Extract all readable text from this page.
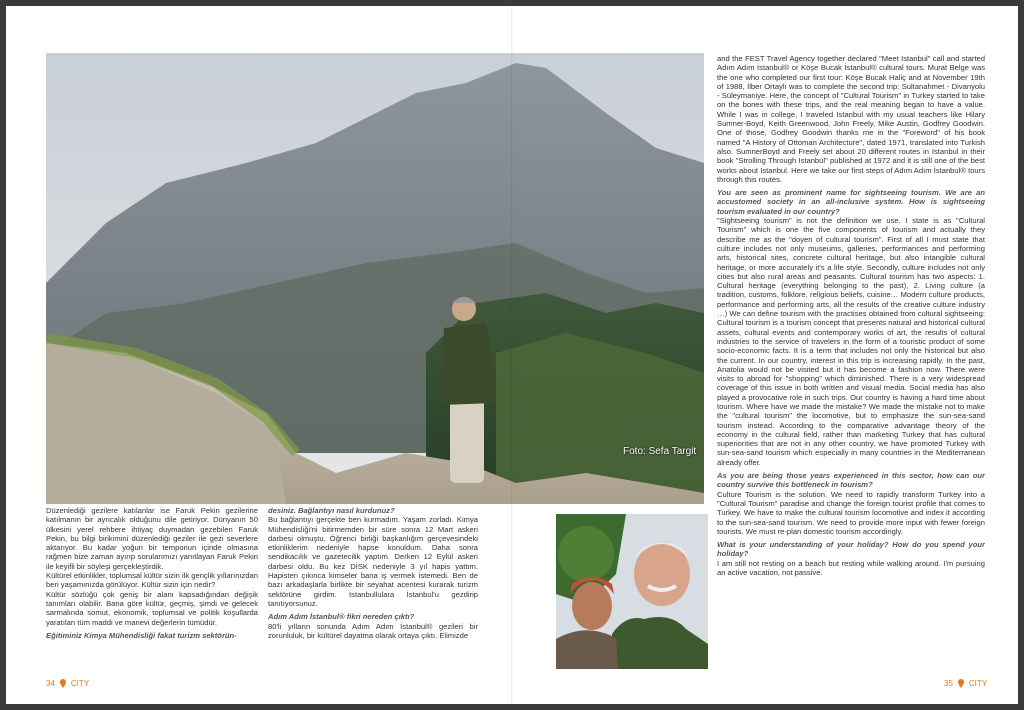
Foto: Sefa Targit

Düzenlediği gezilere katılanlar ise Faruk Pekin gezilerine katılmanın bir ayrıcalık olduğunu dile getiriyor. Dünyanın 50 ülkesini yerel rehbere ihtiyaç duymadan gezebilen Faruk Pekin, bu bilgi birikimini düzenlediği geziler ile gezi severlere aktarıyor. Bu kadar yoğun bir temponun içinde olmasına rağmen bize zaman ayırıp sorularımızı yanıtlayan Faruk Pekin ile keyifli bir söyleşi gerçekleştirdik.

Kültürel etkinlikler, toplumsal kültür sizin ilk gençlik yıllarınızdan beri yaşamınızda görülüyor. Kültür sizin için nedir?

Kültür sözlüğü çok geniş bir alanı kapsadığından değişik tanımları olabilir. Bana göre kültür, geçmiş, şimdi ve gelecek sarmalında somut, ekonomik, toplumsal ve politik koşullarda yaratılan tüm maddi ve manevi değerlerin tümüdür.

Eğitiminiz Kimya Mühendisliği fakat turizm sektörün-

desiniz. Bağlantıyı nasıl kurdunuz?

Bu bağlantıyı gerçekte ben kurmadım. Yaşam zorladı. Kimya Mühendisliği'ni bitirmemden bir süre sonra 12 Mart askeri darbesi olmuştu. Öğrenci birliği başkanlığım gerçevesindeki etkinliklerim nedeniyle hapse konuldum. Daha sonra sendikacılık ve gazetecilik yaptım. Derken 12 Eylül askeri darbesi oldu. Bu kez DİSK nedeniyle 3 yıl hapis yattım. Hapisten çıkınca kimseler bana iş vermek istemedi. Ben de bazı arkadaşlarla birlikte bir seyahat acentesi kurarak turizm sektörüne girdim. İstanbullulara İstanbul'u gezdirip tanıtıyorsunuz.

Adım Adım İstanbul® fikri nereden çıktı?

80'li yılların sonunda Adım Adım İstanbul® gezileri bir zorunluluk, bir kültürel dayatma olarak ortaya çıktı. Elimizde

and the FEST Travel Agency together declared "Meet Istanbul" call and started Adım Adım İstanbul® or Köşe Bucak İstanbul® cultural tours. Murat Belge was the one who completed our first tour: Köşe Bucak Haliç and at November 19th of 1988, İlber Ortaylı was to complete the second trip: Sultanahmet - Divanyolu - Süleymaniye. Here, the concept of "Cultural Tourism" in Turkey started to take on the bones with these trips, and the real meaning began to have a value. While I was in college, I traveled Istanbul with my usual teachers like Hilary Sumner-Boyd, Keith Greenwood, John Freely, Mike Austin, Godfrey Goodwin. One of those, Godfrey Goodwin thanks me in the "Foreword" of his book named "A History of Ottoman Architecture", dated 1971, translated into Turkish also. SumnerBoyd and Freely set about 20 different routes in Istanbul in their book "Strolling Through Istanbul" published at 1972 and it is still one of the best works about Istanbul. Here we take our first steps of Adım Adım İstanbul® tours through this routes.

You are seen as prominent name for sightseeing tourism. We are an accustomed society in an all-inclusive system. How is sightseeing tourism evaluated in our country?

"Sightseeing tourism" is not the definition we use. I state is as "Cultural Tourism" which is one the five components of tourism and actually they describe me as the "doyen of cultural tourism". First of all I must state that culture includes not only museums, galleries, performances and performing arts, historical sites, concrete cultural heritage, but also intangible cultural heritage, or more accurately it's a life style. Secondly, culture includes not only cities but also rural areas and peasants. Cultural tourism has two aspects: 1. Cultural heritage (everything belonging to the past), 2. Living culture (a tradition, customs, folklore, religious beliefs, cuisine… Modern culture products, performance and performing arts, all the results of the creative culture industry …) We can define tourism with the practises obtained from cultural sightseeing: Cultural tourism is a tourism concept that presents natural and historical cultural assets, cultural events and contemporary works of art, the results of cultural industries to the service of travelers in the form of a touristic product of some socio-economic facts. It is a term that includes not only the historical but also the current. In our country, interest in this trip is increasing rapidly. In the past, Anatolia would not be visited but it has become a fashion now. There were visits to abroad for "shopping" which diminished. There is a very widespread coverage of this issue in both written and visual media. Social media has also played a provocative role in such trips. Our country is having a hard time about tourism. Where have we made the mistake? We made the mistake not to make the "cultural tourism" the locomotive, but to emphasize the sun-sea-sand tourism instead. According to the comparative advantage theory of the economy in the cultural field, rather than marketing Turkey that has cultural superiorities that are not in any other country, we have promoted Turkey with sun-sea-sand tourism which especially in many countries in the Mediterranean already offer.

As you are being those years experienced in this sector, how can our country survive this bottleneck in tourism?

Culture Tourism is the solution. We need to rapidly transform Turkey into a "Cultural Tourism" paradise and change the foreign tourist profile that comes to Turkey. We have to make the cultural tourism locomotive and index it according to the sun-sea-sand tourism. We need to provide more input with fewer foreign tourists. We must re-plan domestic tourism accordingly.

What is your understanding of your holiday? How do you spend your holiday?

I am still not resting on a beach but resting while walking around. I'm pursuing an active vacation, not passive.

34 CITY	35 CITY
